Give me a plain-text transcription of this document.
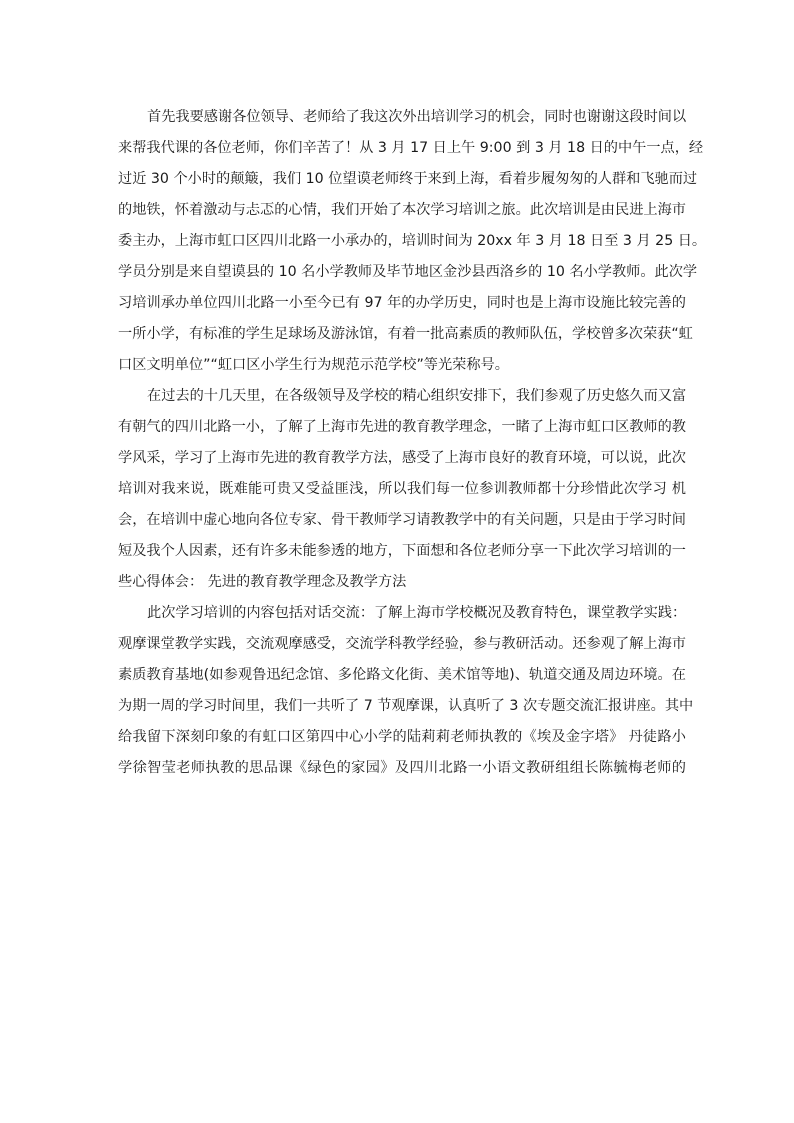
首先我要感谢各位领导、老师给了我这次外出培训学习的机会，同时也谢谢这段时间以
来帮我代课的各位老师，你们辛苦了！从 3 月 17 日上午 9:00 到 3 月 18 日的中午一点，经
过近 30 个小时的颠簸，我们 10 位望谟老师终于来到上海，看着步履匆匆的人群和飞驰而过
的地铁，怀着激动与忐忑的心情，我们开始了本次学习培训之旅。此次培训是由民进上海市
委主办，上海市虹口区四川北路一小承办的，培训时间为 20xx 年 3 月 18 日至 3 月 25 日。
学员分别是来自望谟县的 10 名小学教师及毕节地区金沙县西洛乡的 10 名小学教师。此次学
习培训承办单位四川北路一小至今已有 97 年的办学历史，同时也是上海市设施比较完善的
一所小学，有标准的学生足球场及游泳馆，有着一批高素质的教师队伍，学校曾多次荣获“虹
口区文明单位”“虹口区小学生行为规范示范学校”等光荣称号。
在过去的十几天里，在各级领导及学校的精心组织安排下，我们参观了历史悠久而又富
有朝气的四川北路一小，了解了上海市先进的教育教学理念，一睹了上海市虹口区教师的教
学风采，学习了上海市先进的教育教学方法，感受了上海市良好的教育环境，可以说，此次
培训对我来说，既难能可贵又受益匪浅，所以我们每一位参训教师都十分珍惜此次学习 机
会，在培训中虚心地向各位专家、骨干教师学习请教教学中的有关问题，只是由于学习时间
短及我个人因素，还有许多未能参透的地方，下面想和各位老师分享一下此次学习培训的一
些心得体会： 先进的教育教学理念及教学方法
此次学习培训的内容包括对话交流：了解上海市学校概况及教育特色，课堂教学实践：
观摩课堂教学实践，交流观摩感受，交流学科教学经验，参与教研活动。还参观了解上海市
素质教育基地(如参观鲁迅纪念馆、多伦路文化街、美术馆等地)、轨道交通及周边环境。在
为期一周的学习时间里，我们一共听了 7 节观摩课，认真听了 3 次专题交流汇报讲座。其中
给我留下深刻印象的有虹口区第四中心小学的陆莉莉老师执教的《埃及金字塔》 丹徒路小
学徐智莹老师执教的思品课《绿色的家园》及四川北路一小语文教研组组长陈毓梅老师的
